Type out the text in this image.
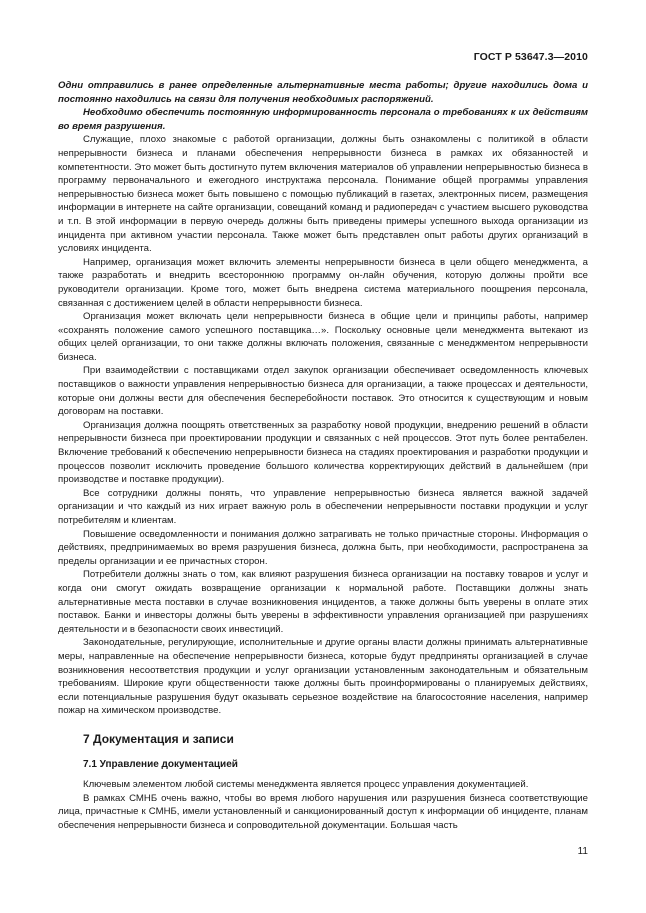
ГОСТ Р 53647.3—2010

Одни отправились в ранее определенные альтернативные места работы; другие находились дома и постоянно находились на связи для получения необходимых распоряжений.

Необходимо обеспечить постоянную информированность персонала о требованиях к их действиям во время разрушения.

Служащие, плохо знакомые с работой организации, должны быть ознакомлены с политикой в области непрерывности бизнеса и планами обеспечения непрерывности бизнеса в рамках их обязанностей и компетентности. Это может быть достигнуто путем включения материалов об управлении непрерывностью бизнеса в программу первоначального и ежегодного инструктажа персонала. Понимание общей программы управления непрерывностью бизнеса может быть повышено с помощью публикаций в газетах, электронных писем, размещения информации в интернете на сайте организации, совещаний команд и радиопередач с участием высшего руководства и т.п. В этой информации в первую очередь должны быть приведены примеры успешного выхода организации из инцидента при активном участии персонала. Также может быть представлен опыт работы других организаций в условиях инцидента.

Например, организация может включить элементы непрерывности бизнеса в цели общего менеджмента, а также разработать и внедрить всестороннюю программу он-лайн обучения, которую должны пройти все руководители организации. Кроме того, может быть внедрена система материального поощрения персонала, связанная с достижением целей в области непрерывности бизнеса.

Организация может включать цели непрерывности бизнеса в общие цели и принципы работы, например «сохранять положение самого успешного поставщика…». Поскольку основные цели менеджмента вытекают из общих целей организации, то они также должны включать положения, связанные с менеджментом непрерывности бизнеса.

При взаимодействии с поставщиками отдел закупок организации обеспечивает осведомленность ключевых поставщиков о важности управления непрерывностью бизнеса для организации, а также процессах и деятельности, которые они должны вести для обеспечения бесперебойности поставок. Это относится к существующим и новым договорам на поставки.

Организация должна поощрять ответственных за разработку новой продукции, внедрению решений в области непрерывности бизнеса при проектировании продукции и связанных с ней процессов. Этот путь более рентабелен. Включение требований к обеспечению непрерывности бизнеса на стадиях проектирования и разработки продукции и процессов позволит исключить проведение большого количества корректирующих действий в дальнейшем (при производстве и поставке продукции).

Все сотрудники должны понять, что управление непрерывностью бизнеса является важной задачей организации и что каждый из них играет важную роль в обеспечении непрерывности поставки продукции и услуг потребителям и клиентам.

Повышение осведомленности и понимания должно затрагивать не только причастные стороны. Информация о действиях, предпринимаемых во время разрушения бизнеса, должна быть, при необходимости, распространена за пределы организации и ее причастных сторон.

Потребители должны знать о том, как влияют разрушения бизнеса организации на поставку товаров и услуг и когда они смогут ожидать возвращение организации к нормальной работе. Поставщики должны знать альтернативные места поставки в случае возникновения инцидентов, а также должны быть уверены в оплате этих поставок. Банки и инвесторы должны быть уверены в эффективности управления организацией при разрушениях деятельности и в безопасности своих инвестиций.

Законодательные, регулирующие, исполнительные и другие органы власти должны принимать альтернативные меры, направленные на обеспечение непрерывности бизнеса, которые будут предприняты организацией в случае возникновения несоответствия продукции и услуг организации установленным законодательным и обязательным требованиям. Широкие круги общественности также должны быть проинформированы о планируемых действиях, если потенциальные разрушения будут оказывать серьезное воздействие на благосостояние населения, например пожар на химическом производстве.

7 Документация и записи
7.1 Управление документацией

Ключевым элементом любой системы менеджмента является процесс управления документацией.

В рамках СМНБ очень важно, чтобы во время любого нарушения или разрушения бизнеса соответствующие лица, причастные к СМНБ, имели установленный и санкционированный доступ к информации об инциденте, планам обеспечения непрерывности бизнеса и сопроводительной документации. Большая часть

11
